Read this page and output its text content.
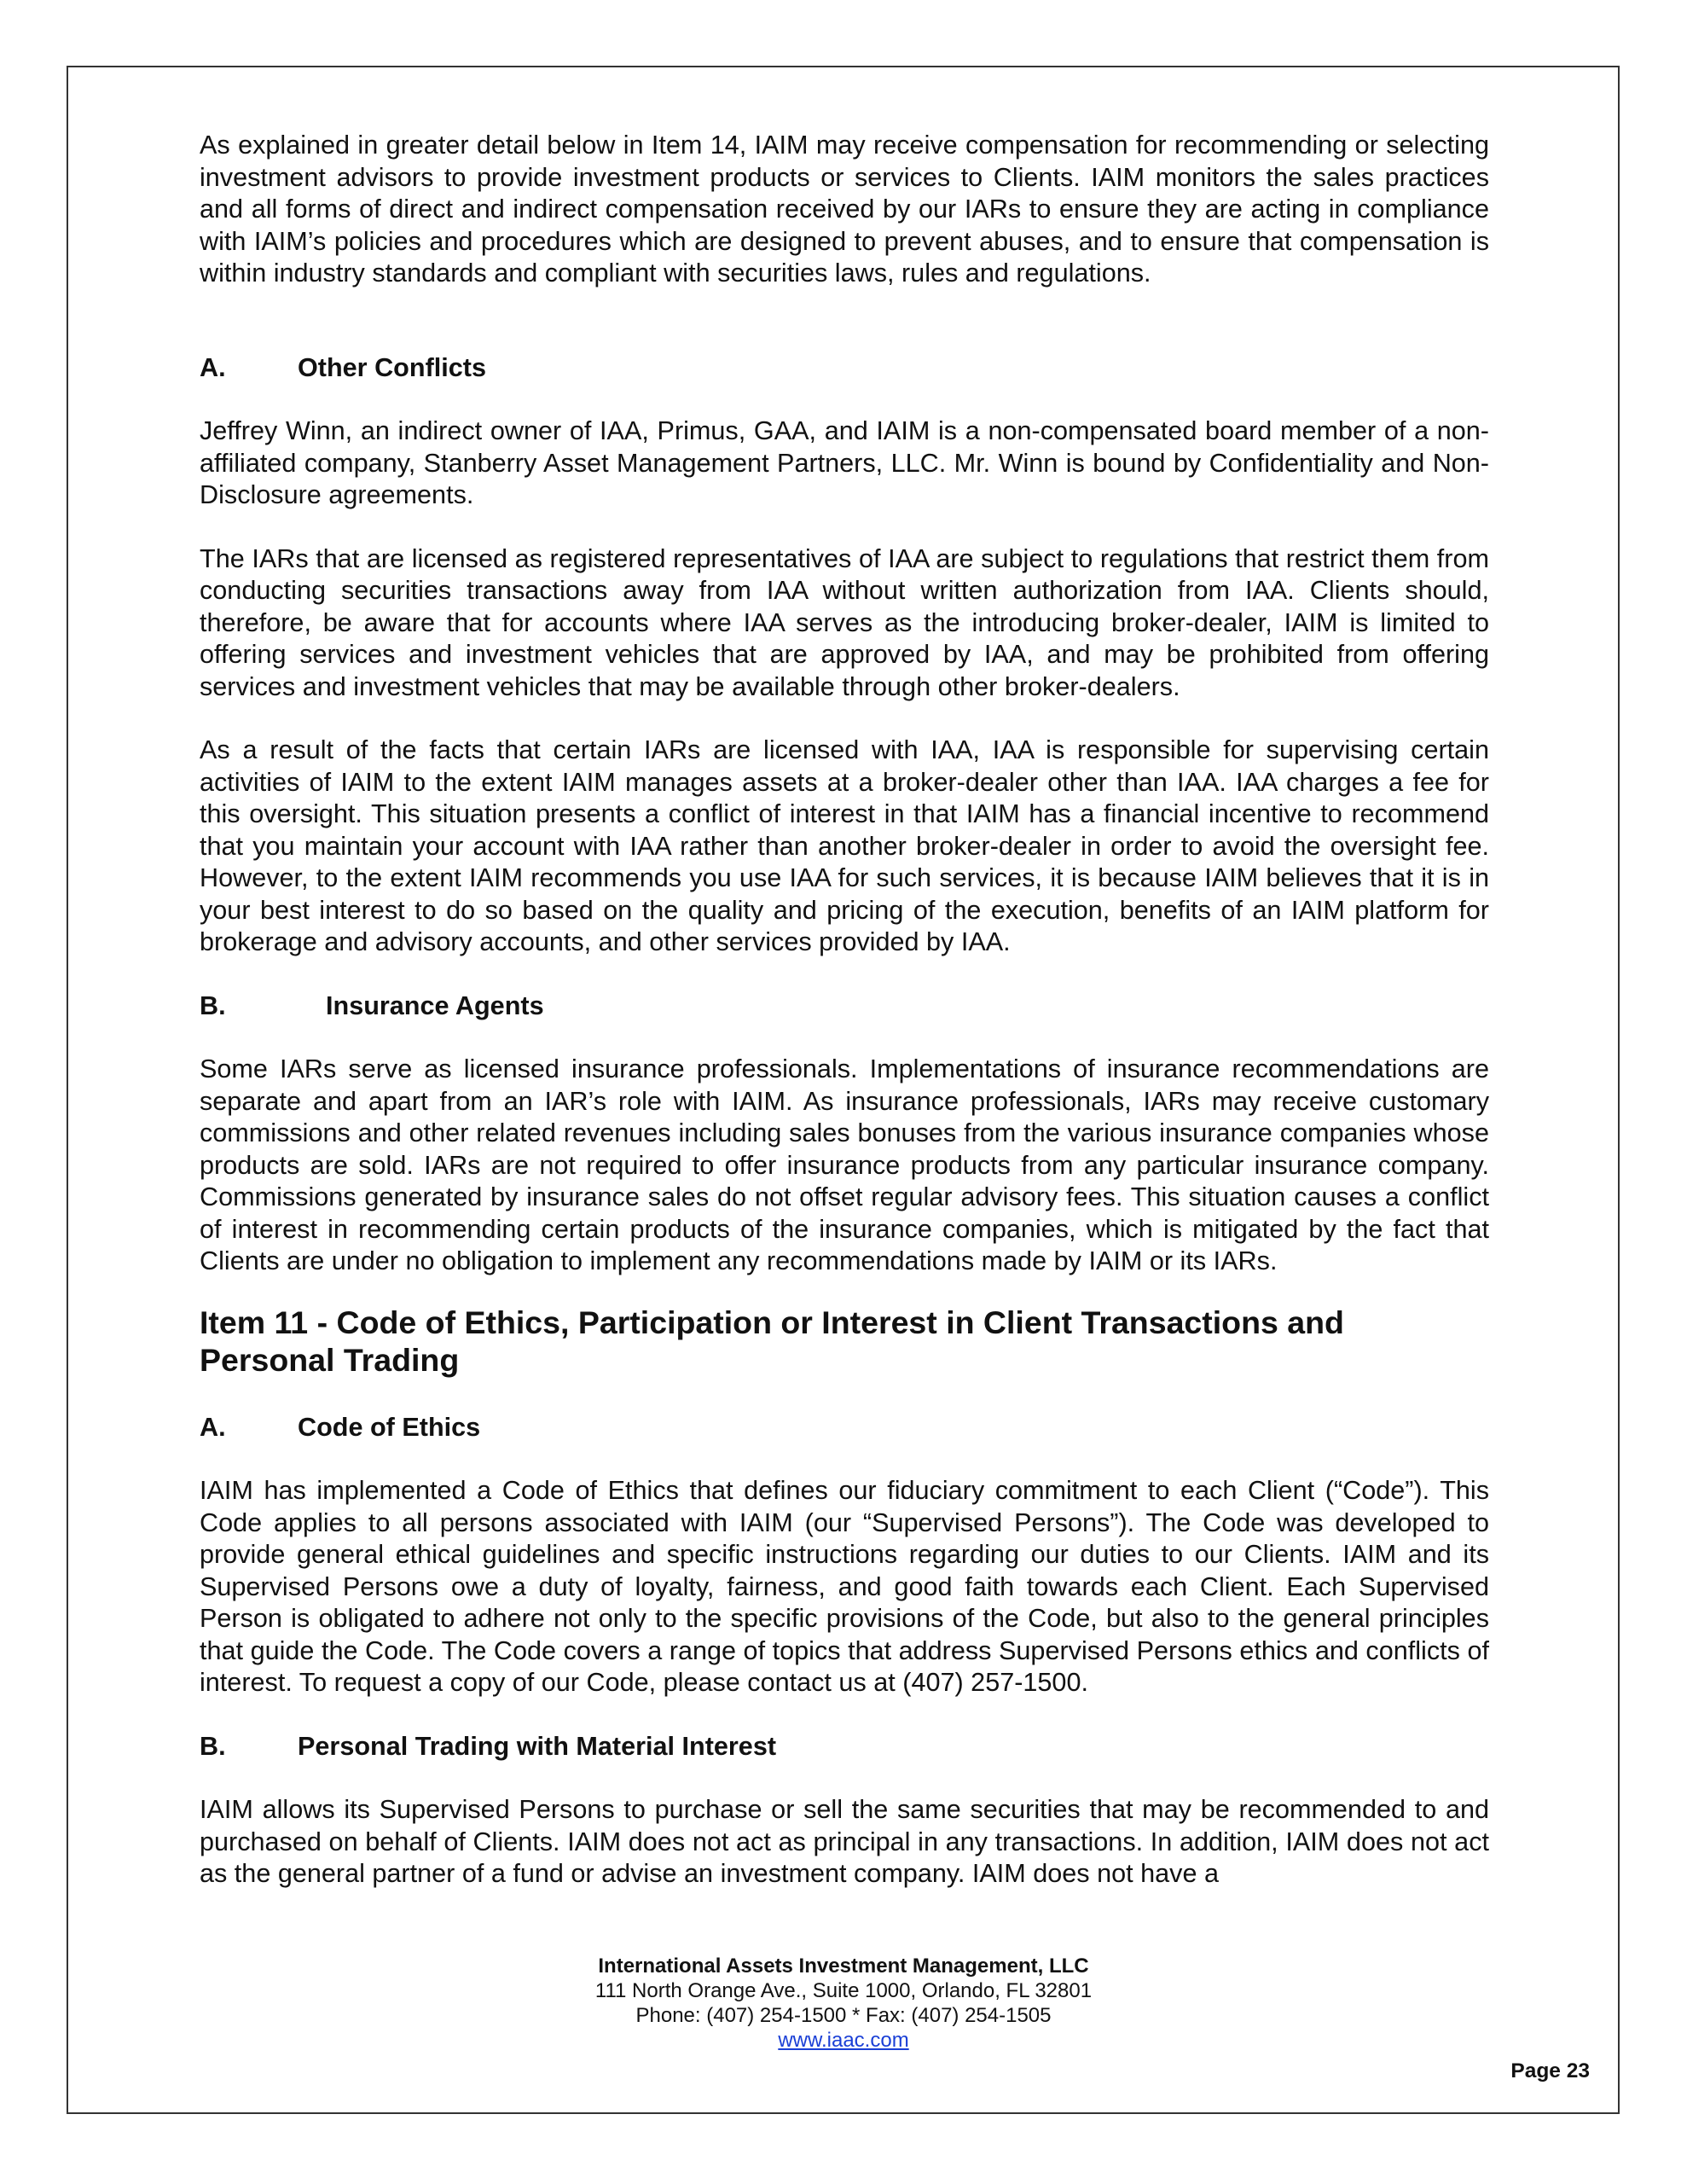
As explained in greater detail below in Item 14, IAIM may receive compensation for recommending or selecting investment advisors to provide investment products or services to Clients. IAIM monitors the sales practices and all forms of direct and indirect compensation received by our IARs to ensure they are acting in compliance with IAIM’s policies and procedures which are designed to prevent abuses, and to ensure that compensation is within industry standards and compliant with securities laws, rules and regulations.

A.	Other Conflicts

Jeffrey Winn, an indirect owner of IAA, Primus, GAA, and IAIM is a non-compensated board member of a non-affiliated company, Stanberry Asset Management Partners, LLC. Mr. Winn is bound by Confidentiality and Non-Disclosure agreements.

The IARs that are licensed as registered representatives of IAA are subject to regulations that restrict them from conducting securities transactions away from IAA without written authorization from IAA. Clients should, therefore, be aware that for accounts where IAA serves as the introducing broker-dealer, IAIM is limited to offering services and investment vehicles that are approved by IAA, and may be prohibited from offering services and investment vehicles that may be available through other broker-dealers.

As a result of the facts that certain IARs are licensed with IAA, IAA is responsible for supervising certain activities of IAIM to the extent IAIM manages assets at a broker-dealer other than IAA. IAA charges a fee for this oversight. This situation presents a conflict of interest in that IAIM has a financial incentive to recommend that you maintain your account with IAA rather than another broker-dealer in order to avoid the oversight fee. However, to the extent IAIM recommends you use IAA for such services, it is because IAIM believes that it is in your best interest to do so based on the quality and pricing of the execution, benefits of an IAIM platform for brokerage and advisory accounts, and other services provided by IAA.

B.	Insurance Agents

Some IARs serve as licensed insurance professionals. Implementations of insurance recommendations are separate and apart from an IAR’s role with IAIM. As insurance professionals, IARs may receive customary commissions and other related revenues including sales bonuses from the various insurance companies whose products are sold. IARs are not required to offer insurance products from any particular insurance company. Commissions generated by insurance sales do not offset regular advisory fees. This situation causes a conflict of interest in recommending certain products of the insurance companies, which is mitigated by the fact that Clients are under no obligation to implement any recommendations made by IAIM or its IARs.

Item 11 - Code of Ethics, Participation or Interest in Client Transactions and
Personal Trading
A.	Code of Ethics

IAIM has implemented a Code of Ethics that defines our fiduciary commitment to each Client (“Code”). This Code applies to all persons associated with IAIM (our “Supervised Persons”). The Code was developed to provide general ethical guidelines and specific instructions regarding our duties to our Clients. IAIM and its Supervised Persons owe a duty of loyalty, fairness, and good faith towards each Client. Each Supervised Person is obligated to adhere not only to the specific provisions of the Code, but also to the general principles that guide the Code. The Code covers a range of topics that address Supervised Persons ethics and conflicts of interest. To request a copy of our Code, please contact us at (407) 257-1500.

B.	Personal Trading with Material Interest

IAIM allows its Supervised Persons to purchase or sell the same securities that may be recommended to and purchased on behalf of Clients. IAIM does not act as principal in any transactions. In addition, IAIM does not act as the general partner of a fund or advise an investment company. IAIM does not have a

International Assets Investment Management, LLC
111 North Orange Ave., Suite 1000, Orlando, FL 32801
Phone: (407) 254-1500 * Fax: (407) 254-1505
www.iaac.com
Page 23
